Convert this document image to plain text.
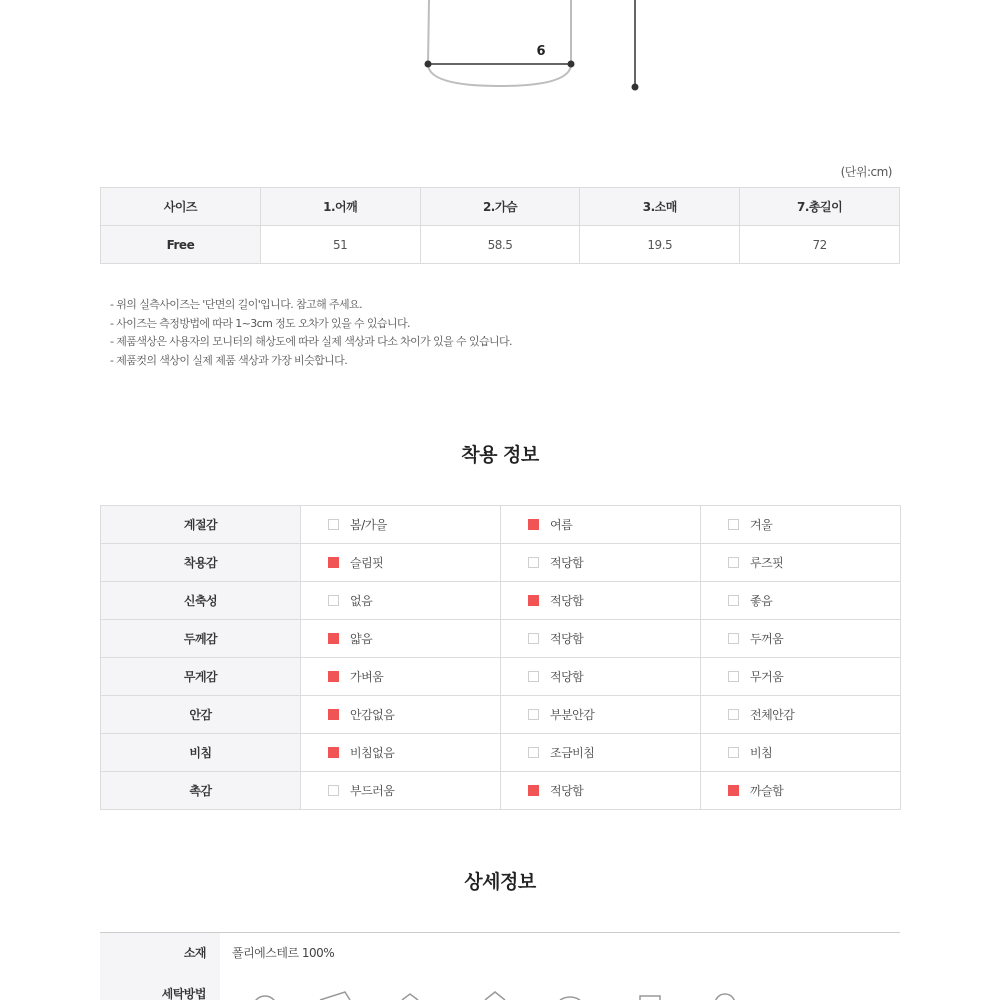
6
(단위:cm)
사이즈	1.어깨	2.가슴	3.소매	7.총길이
Free	51	58.5	19.5	72
- 위의 실측사이즈는 '단면의 길이'입니다. 참고해 주세요.
- 사이즈는 측정방법에 따라 1~3cm 정도 오차가 있을 수 있습니다.
- 제품색상은 사용자의 모니터의 해상도에 따라 실제 색상과 다소 차이가 있을 수 있습니다.
- 제품컷의 색상이 실제 제품 색상과 가장 비슷합니다.
착용 정보
계절감	봄/가을	여름	겨울
착용감	슬림핏	적당함	루즈핏
신축성	없음	적당함	좋음
두께감	얇음	적당함	두꺼움
무게감	가벼움	적당함	무거움
안감	안감없음	부분안감	전체안감
비침	비침없음	조금비침	비침
촉감	부드러움	적당함	까슬함
상세정보
소재	폴리에스테르 100%
세탁방법	
